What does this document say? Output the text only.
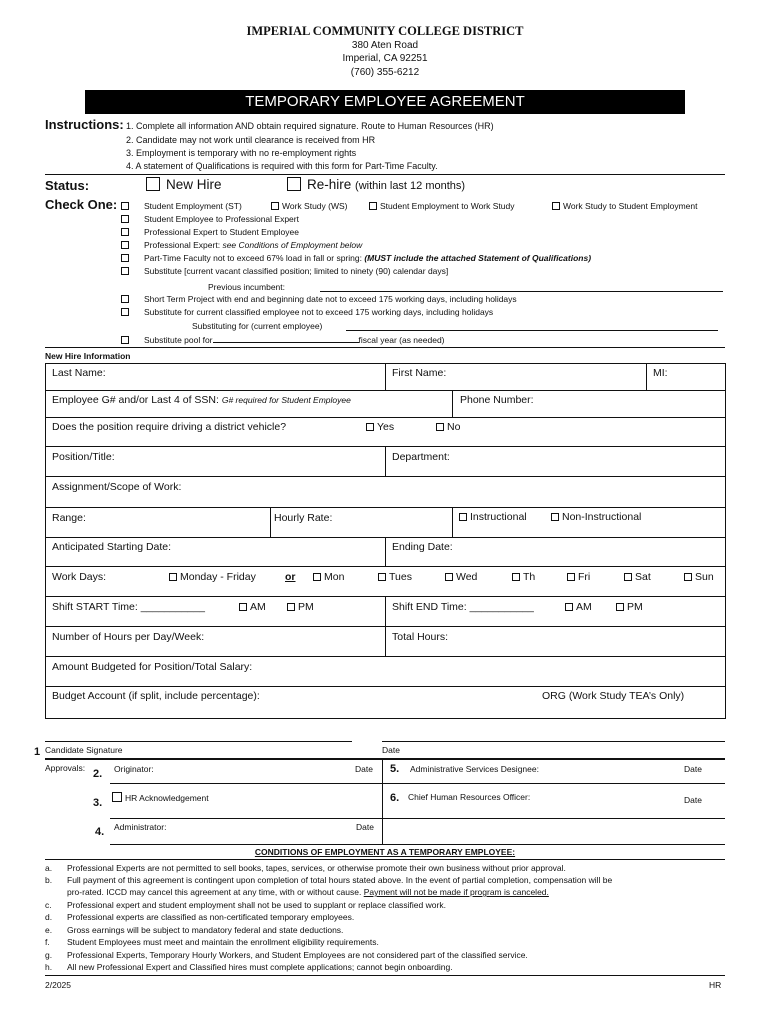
IMPERIAL COMMUNITY COLLEGE DISTRICT
380 Aten Road
Imperial, CA 92251
(760) 355-6212
TEMPORARY EMPLOYEE AGREEMENT
Instructions: 1. Complete all information AND obtain required signature. Route to Human Resources (HR)
2. Candidate may not work until clearance is received from HR
3. Employment is temporary with no re-employment rights
4. A statement of Qualifications is required with this form for Part-Time Faculty.
Status:	New Hire	Re-hire (within last 12 months)
Check One:	Student Employment (ST)	Work Study (WS)	Student Employment to Work Study	Work Study to Student Employment
Student Employee to Professional Expert
Professional Expert to Student Employee
Professional Expert: see Conditions of Employment below
Part-Time Faculty not to exceed 67% load in fall or spring: (MUST include the attached Statement of Qualifications)
Substitute [current vacant classified position; limited to ninety (90) calendar days]
Previous incumbent:
Short Term Project with end and beginning date not to exceed 175 working days, including holidays
Substitute for current classified employee not to exceed 175 working days, including holidays
Substituting for (current employee)
Substitute pool for	fiscal year (as needed)
New Hire Information
Last Name:	First Name:	MI:
Employee G# and/or Last 4 of SSN: G# required for Student Employee	Phone Number:
Does the position require driving a district vehicle?	Yes	No
Position/Title:	Department:
Assignment/Scope of Work:
Range:	Hourly Rate:	Instructional	Non-Instructional
Anticipated Starting Date:	Ending Date:
Work Days:	Monday - Friday	or	Mon	Tues	Wed	Th	Fri	Sat	Sun
Shift START Time: ___________	AM	PM	Shift END Time: ___________	AM	PM
Number of Hours per Day/Week:	Total Hours:
Amount Budgeted for Position/Total Salary:
Budget Account (if split, include percentage):	ORG (Work Study TEA’s Only)
1 Candidate Signature	Date
Approvals: 2. Originator:	Date 5. Administrative Services Designee:	Date
3.	HR Acknowledgement	6. Chief Human Resources Officer:	Date
4. Administrator:	Date
CONDITIONS OF EMPLOYMENT AS A TEMPORARY EMPLOYEE:
a. Professional Experts are not permitted to sell books, tapes, services, or otherwise promote their own business without prior approval.
b. Full payment of this agreement is contingent upon completion of total hours stated above. In the event of partial completion, compensation will be
pro-rated. ICCD may cancel this agreement at any time, with or without cause. Payment will not be made if program is canceled.
c. Professional expert and student employment shall not be used to supplant or replace classified work.
d. Professional experts are classified as non-certificated temporary employees.
e. Gross earnings will be subject to mandatory federal and state deductions.
f. Student Employees must meet and maintain the enrollment eligibility requirements.
g. Professional Experts, Temporary Hourly Workers, and Student Employees are not considered part of the classified service.
h. All new Professional Expert and Classified hires must complete applications; cannot begin onboarding.
2/2025	HR
